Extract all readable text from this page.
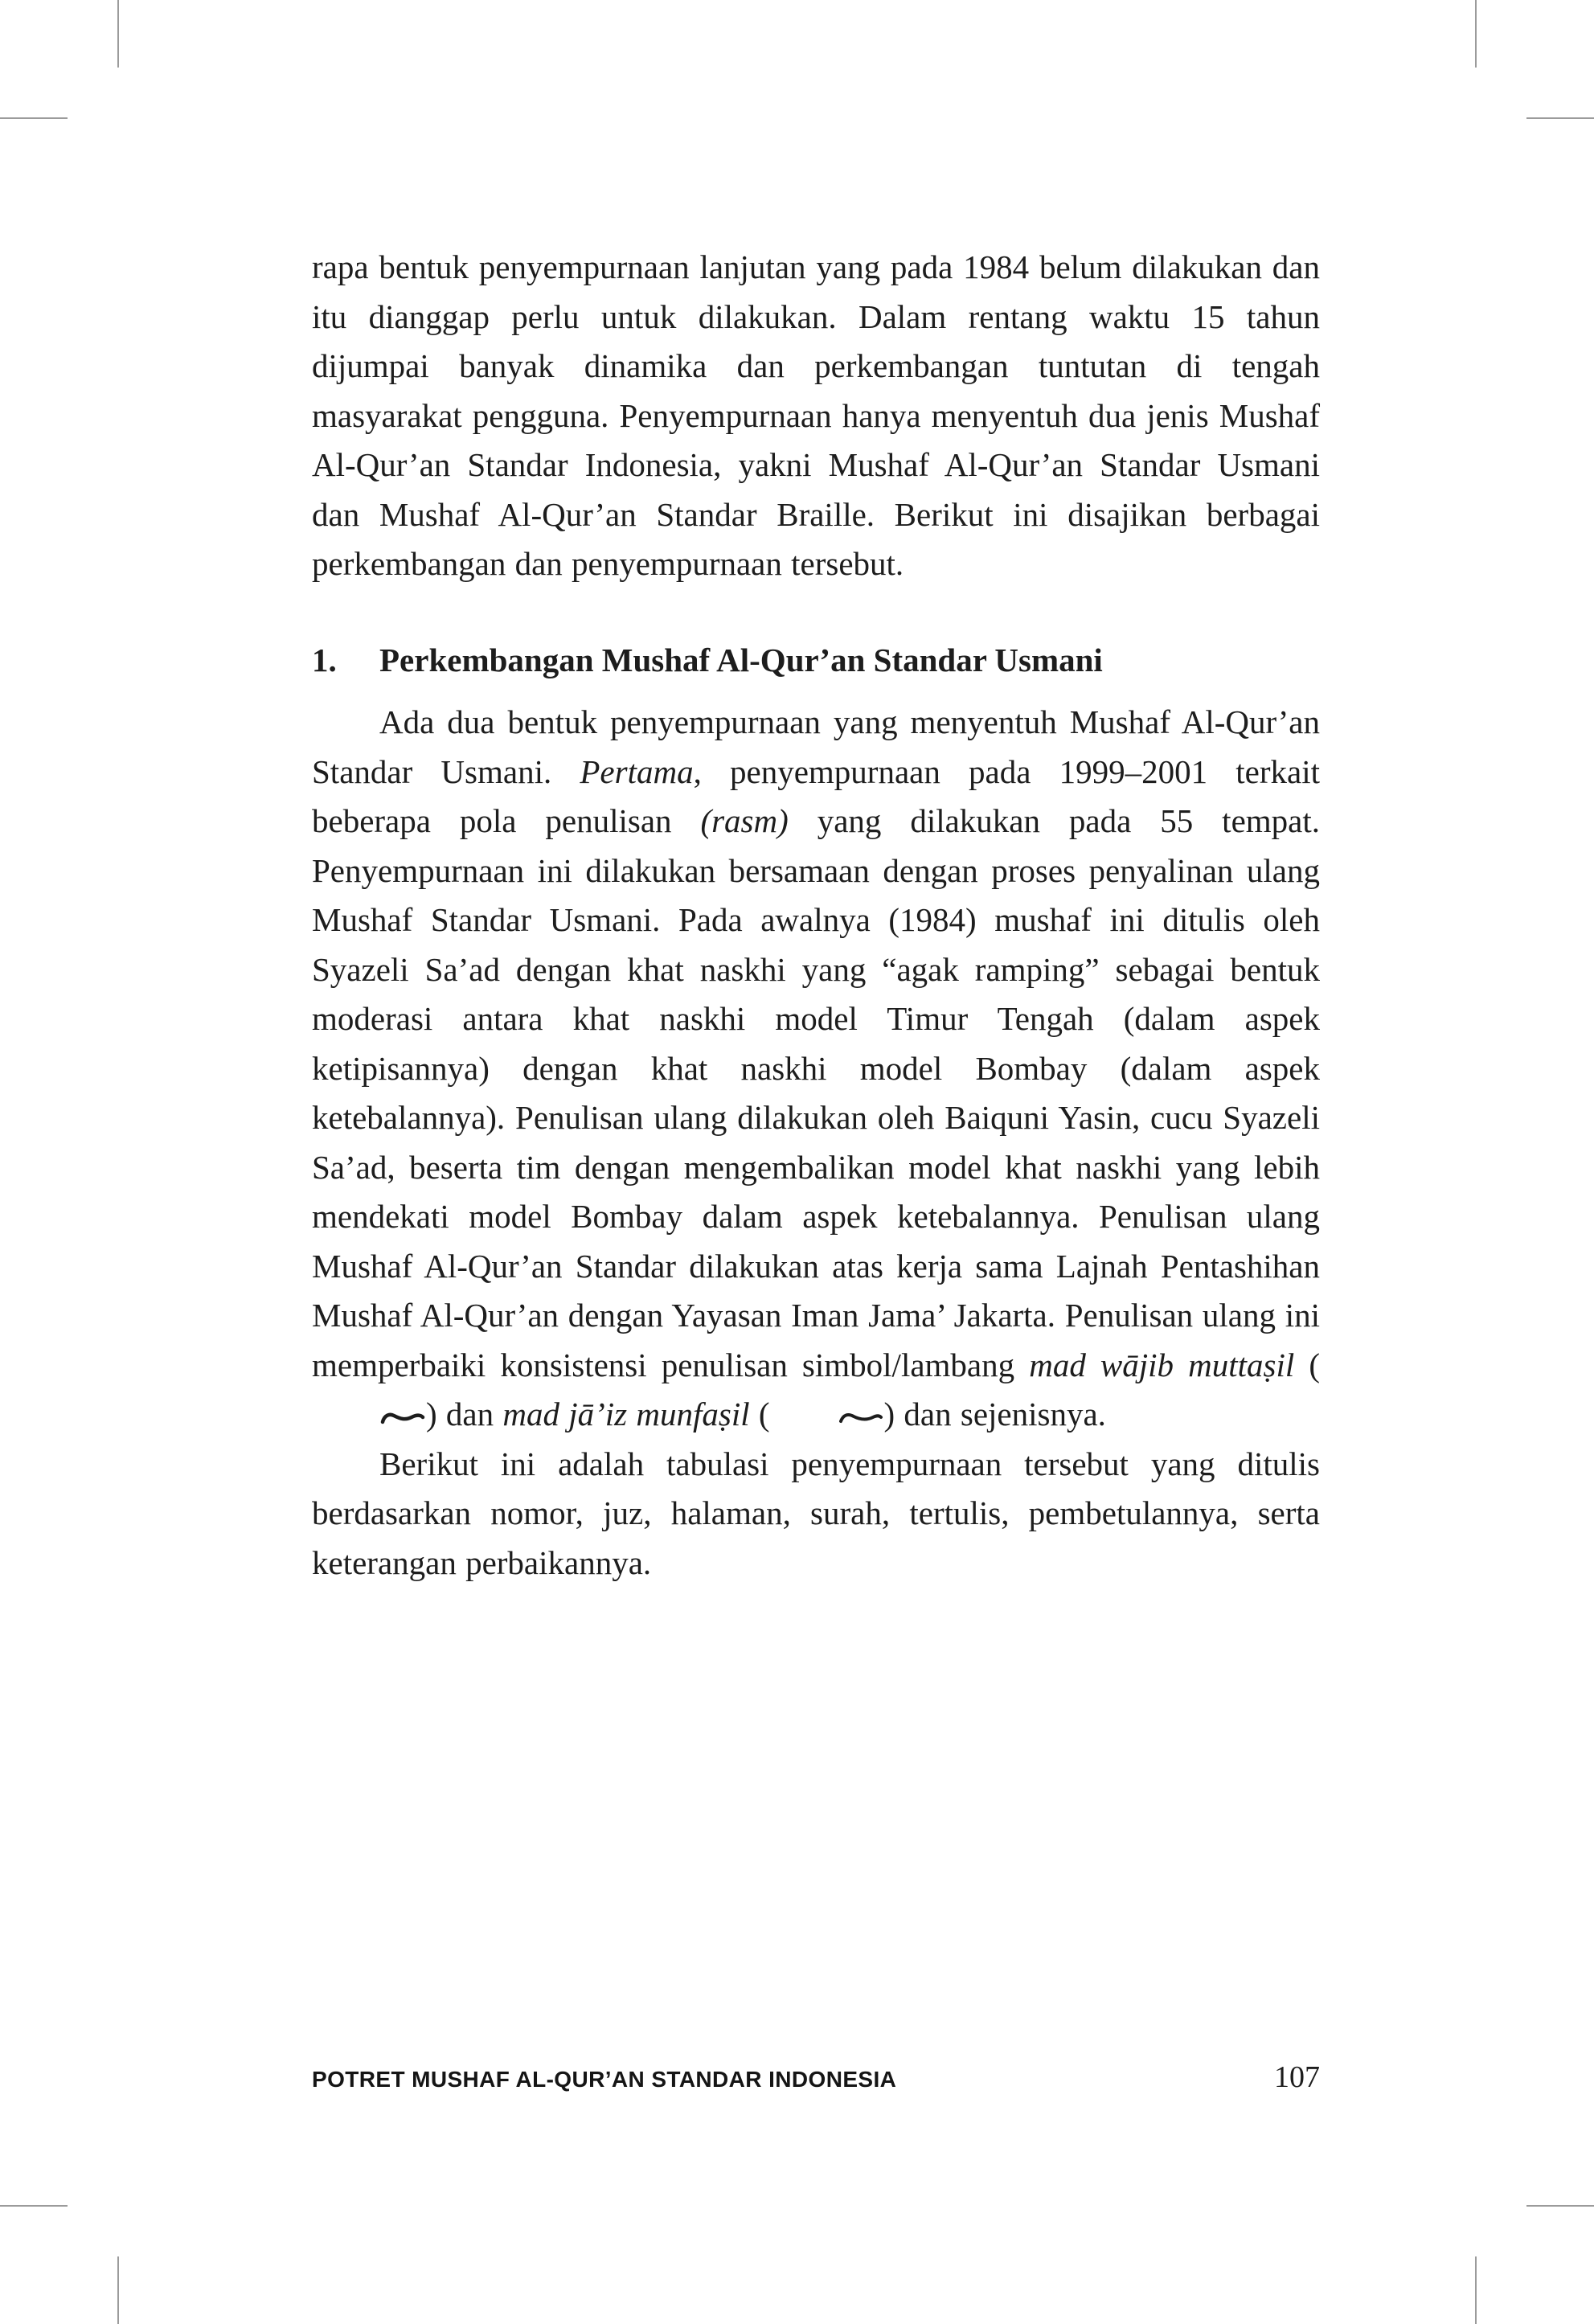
rapa bentuk penyempurnaan lanjutan yang pada 1984 belum dilakukan dan itu dianggap perlu untuk dilakukan. Dalam rentang waktu 15 tahun dijumpai banyak dinamika dan perkembangan tuntutan di tengah masyarakat pengguna. Penyempurnaan hanya menyentuh dua jenis Mushaf Al-Qur’an Standar Indonesia, yakni Mushaf Al-Qur’an Standar Usmani dan Mushaf Al-Qur’an Standar Braille. Berikut ini disajikan berbagai perkembangan dan penyempurnaan tersebut.

1.	Perkembangan Mushaf Al-Qur’an Standar Usmani

Ada dua bentuk penyempurnaan yang menyentuh Mushaf Al-Qur’an Standar Usmani. Pertama, penyempurnaan pada 1999–2001 terkait beberapa pola penulisan (rasm) yang dilakukan pada 55 tempat. Penyempurnaan ini dilakukan bersamaan dengan proses penyalinan ulang Mushaf Standar Usmani. Pada awalnya (1984) mushaf ini ditulis oleh Syazeli Sa’ad dengan khat naskhi yang “agak ramping” sebagai bentuk moderasi antara khat naskhi model Timur Tengah (dalam aspek ketipisannya) dengan khat naskhi model Bombay (dalam aspek ketebalannya). Penulisan ulang dilakukan oleh Baiquni Yasin, cucu Syazeli Sa’ad, beserta tim dengan mengembalikan model khat naskhi yang lebih mendekati model Bombay dalam aspek ketebalannya. Penulisan ulang Mushaf Al-Qur’an Standar dilakukan atas kerja sama Lajnah Pentashihan Mushaf Al-Qur’an dengan Yayasan Iman Jama’ Jakarta. Penulisan ulang ini memperbaiki konsistensi penulisan simbol/lambang mad wājib muttaṣil () dan mad jā’iz munfaṣil (	) dan sejenisnya.

Berikut ini adalah tabulasi penyempurnaan tersebut yang ditulis berdasarkan nomor, juz, halaman, surah, tertulis, pembetulannya, serta keterangan perbaikannya.

POTRET MUSHAF AL-QUR’AN STANDAR INDONESIA	107
